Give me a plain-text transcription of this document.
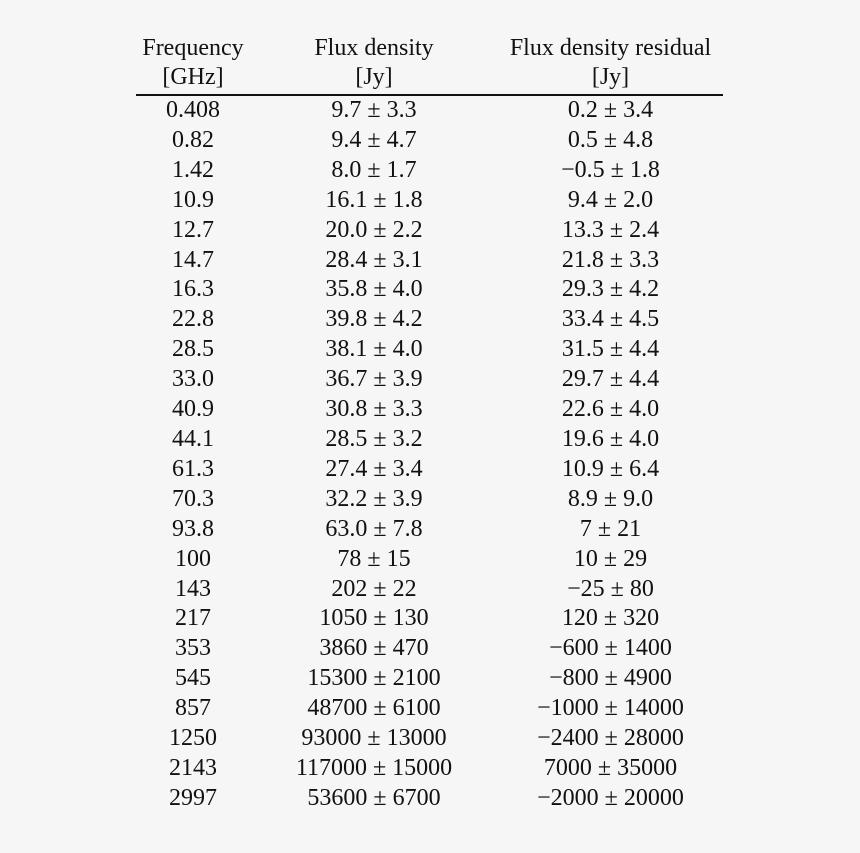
Frequency	Flux density	Flux density residual
[GHz]	[Jy]	[Jy]
0.408	9.7 ± 3.3	0.2 ± 3.4
0.82	9.4 ± 4.7	0.5 ± 4.8
1.42	8.0 ± 1.7	−0.5 ± 1.8
10.9	16.1 ± 1.8	9.4 ± 2.0
12.7	20.0 ± 2.2	13.3 ± 2.4
14.7	28.4 ± 3.1	21.8 ± 3.3
16.3	35.8 ± 4.0	29.3 ± 4.2
22.8	39.8 ± 4.2	33.4 ± 4.5
28.5	38.1 ± 4.0	31.5 ± 4.4
33.0	36.7 ± 3.9	29.7 ± 4.4
40.9	30.8 ± 3.3	22.6 ± 4.0
44.1	28.5 ± 3.2	19.6 ± 4.0
61.3	27.4 ± 3.4	10.9 ± 6.4
70.3	32.2 ± 3.9	8.9 ± 9.0
93.8	63.0 ± 7.8	7 ± 21
100	78 ± 15	10 ± 29
143	202 ± 22	−25 ± 80
217	1050 ± 130	120 ± 320
353	3860 ± 470	−600 ± 1400
545	15300 ± 2100	−800 ± 4900
857	48700 ± 6100	−1000 ± 14000
1250	93000 ± 13000	−2400 ± 28000
2143	117000 ± 15000	7000 ± 35000
2997	53600 ± 6700	−2000 ± 20000
